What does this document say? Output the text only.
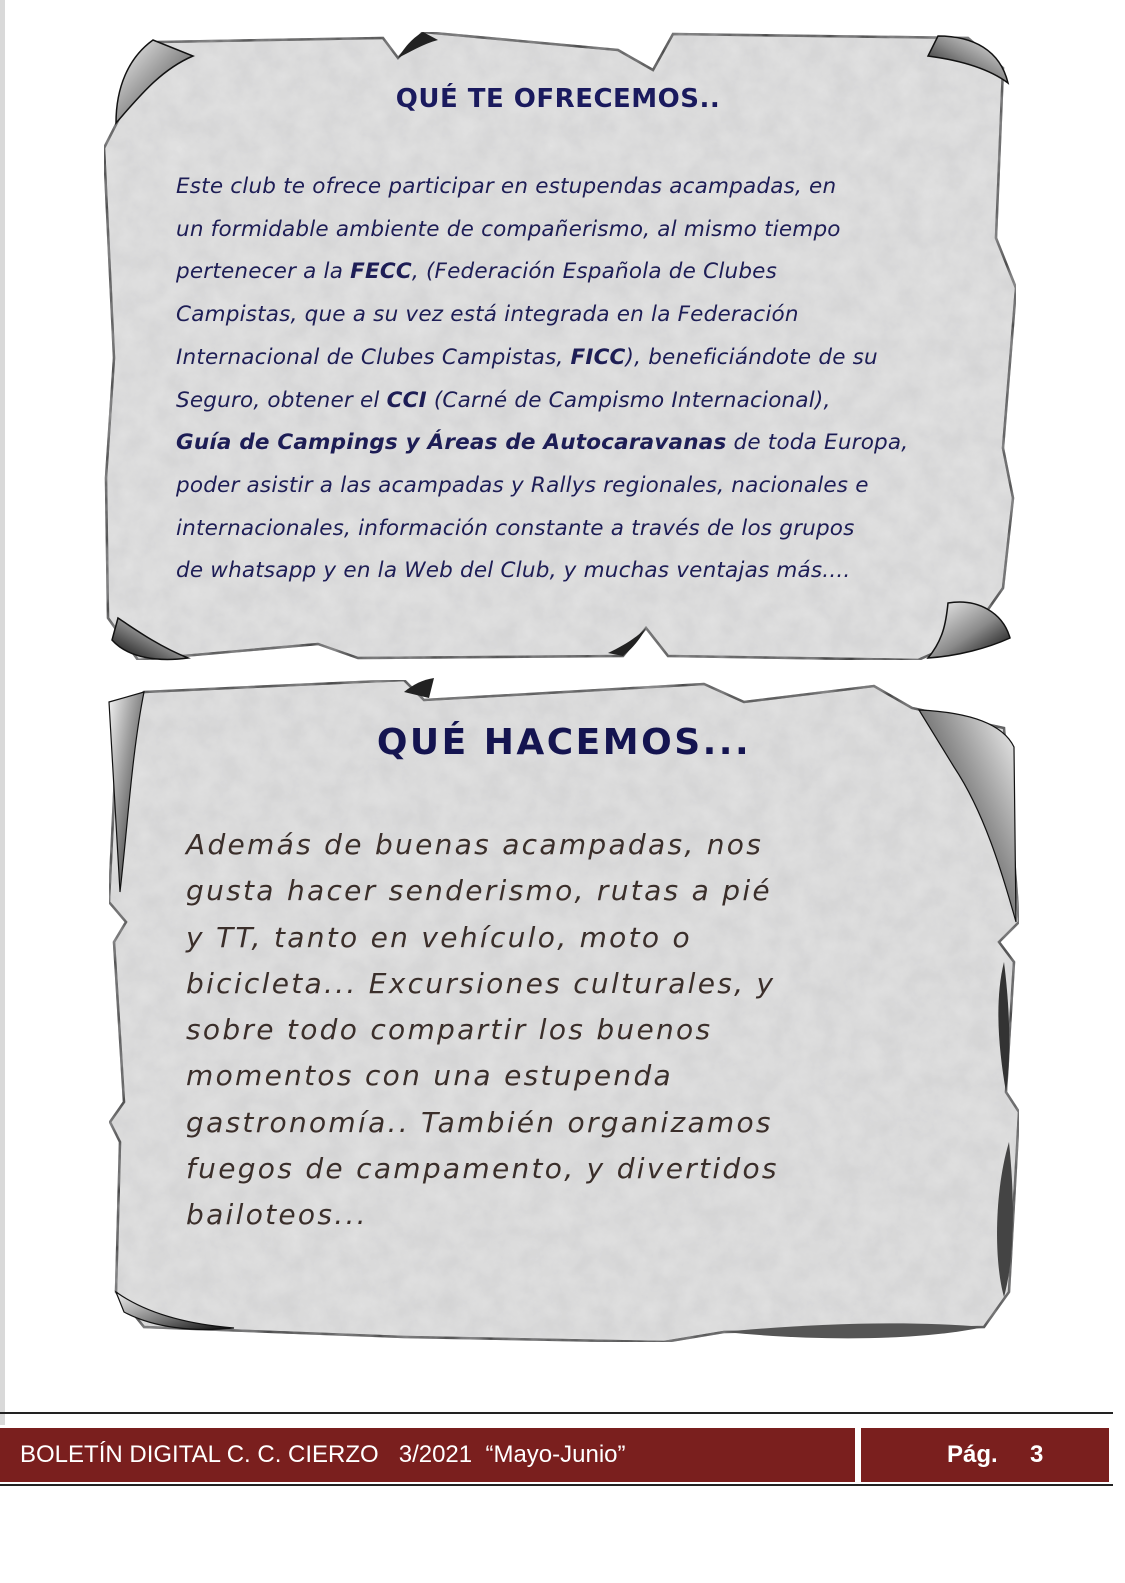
QUÉ TE OFRECEMOS..
Este club te ofrece participar en estupendas acampadas, en
un formidable ambiente de compañerismo, al mismo tiempo
pertenecer a la FECC, (Federación Española de Clubes
Campistas, que a su vez está integrada en la Federación
Internacional de Clubes Campistas, FICC), beneficiándote de su
Seguro, obtener el CCI (Carné de Campismo Internacional),
Guía de Campings y Áreas de Autocaravanas de toda Europa,
poder asistir a las acampadas y Rallys regionales, nacionales e
internacionales, información constante a través de los grupos
de whatsapp y en la Web del Club, y muchas ventajas más....
QUÉ HACEMOS...
Además de buenas acampadas, nos
gusta hacer senderismo, rutas a pié
y TT, tanto en vehículo, moto o
bicicleta... Excursiones culturales, y
sobre todo compartir los buenos
momentos con una estupenda
gastronomía.. También organizamos
fuegos de campamento, y divertidos
bailoteos...
BOLETÍN DIGITAL C. C. CIERZO   3/2021  “Mayo-Junio”	Pág. 3
